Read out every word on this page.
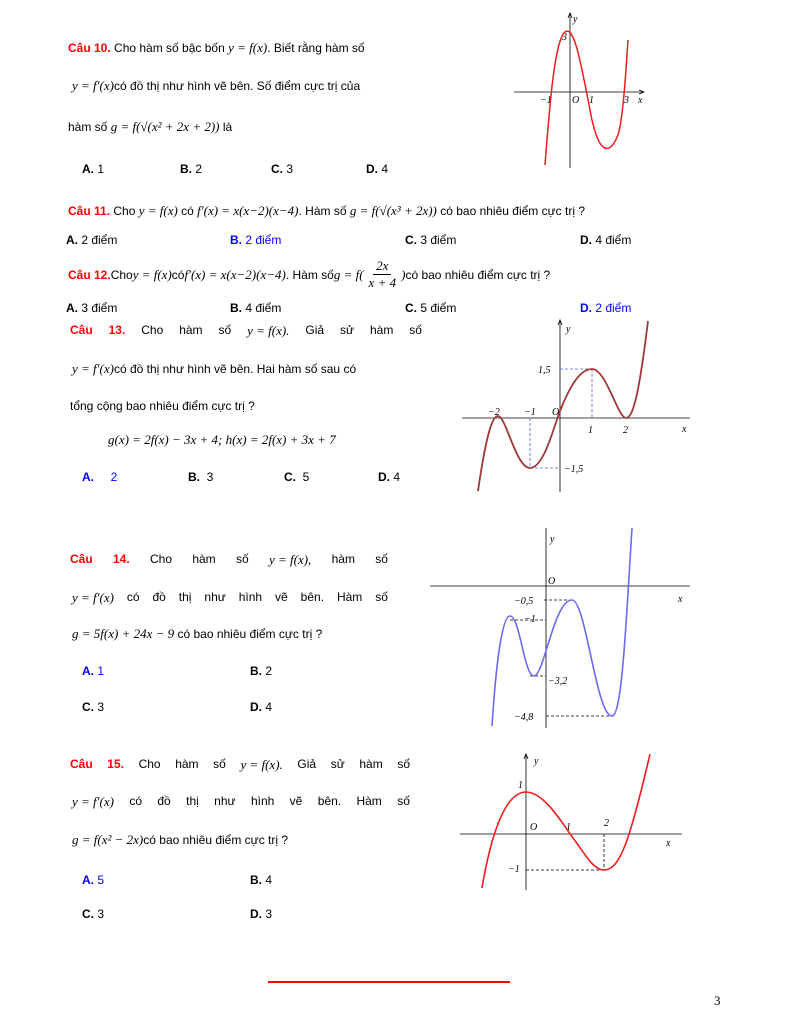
Câu 10. Cho hàm số bậc bốn y = f(x). Biết rằng hàm số
y = f′(x)có đồ thị như hình vẽ bên. Số điểm cực trị của
hàm số g = f(√(x² + 2x + 2)) là
A. 1	B. 2	C. 3	D. 4
y
x
3
−1 O 1	3
Câu 11. Cho y = f(x) có f′(x) = x(x−2)(x−4). Hàm số g = f(√(x³ + 2x)) có bao nhiêu điểm cực trị ?
A. 2 điểm	B. 2 điểm	C. 3 điểm	D. 4 điểm
Câu 12. Cho y = f(x) có f′(x) = x(x−2)(x−4) . Hàm số g = f(
2x
x + 4
) có bao nhiêu điểm cực trị ?
A. 3 điểm	B. 4 điểm	C. 5 điểm	D. 2 điểm
Câu 13. Cho hàm số y = f(x). Giả sử hàm số
y = f′(x)có đồ thị như hình vẽ bên. Hai hàm số sau có
tổng cộng bao nhiêu điểm cực trị ?
g(x) = 2f(x) − 3x + 4; h(x) = 2f(x) + 3x + 7
A. 2	B. 3	C. 5	D. 4
y
x
1,5
−2 −1 O
1	2
−1,5
Câu 14. Cho hàm số y = f(x), hàm số
y = f′(x) có đồ thị như hình vẽ bên. Hàm số
g = 5f(x) + 24x − 9 có bao nhiêu điểm cực trị ?
A. 1	B. 2
C. 3	D. 4
y
x
O
−0,5
−1
−3,2
−4,8
Câu 15. Cho hàm số y = f(x). Giả sử hàm số
y = f′(x) có đồ thị như hình vẽ bên. Hàm số
g = f(x² − 2x)có bao nhiêu điểm cực trị ?
A. 5	B. 4
C. 3	D. 3
y
x
1
O	1	2
−1
3
